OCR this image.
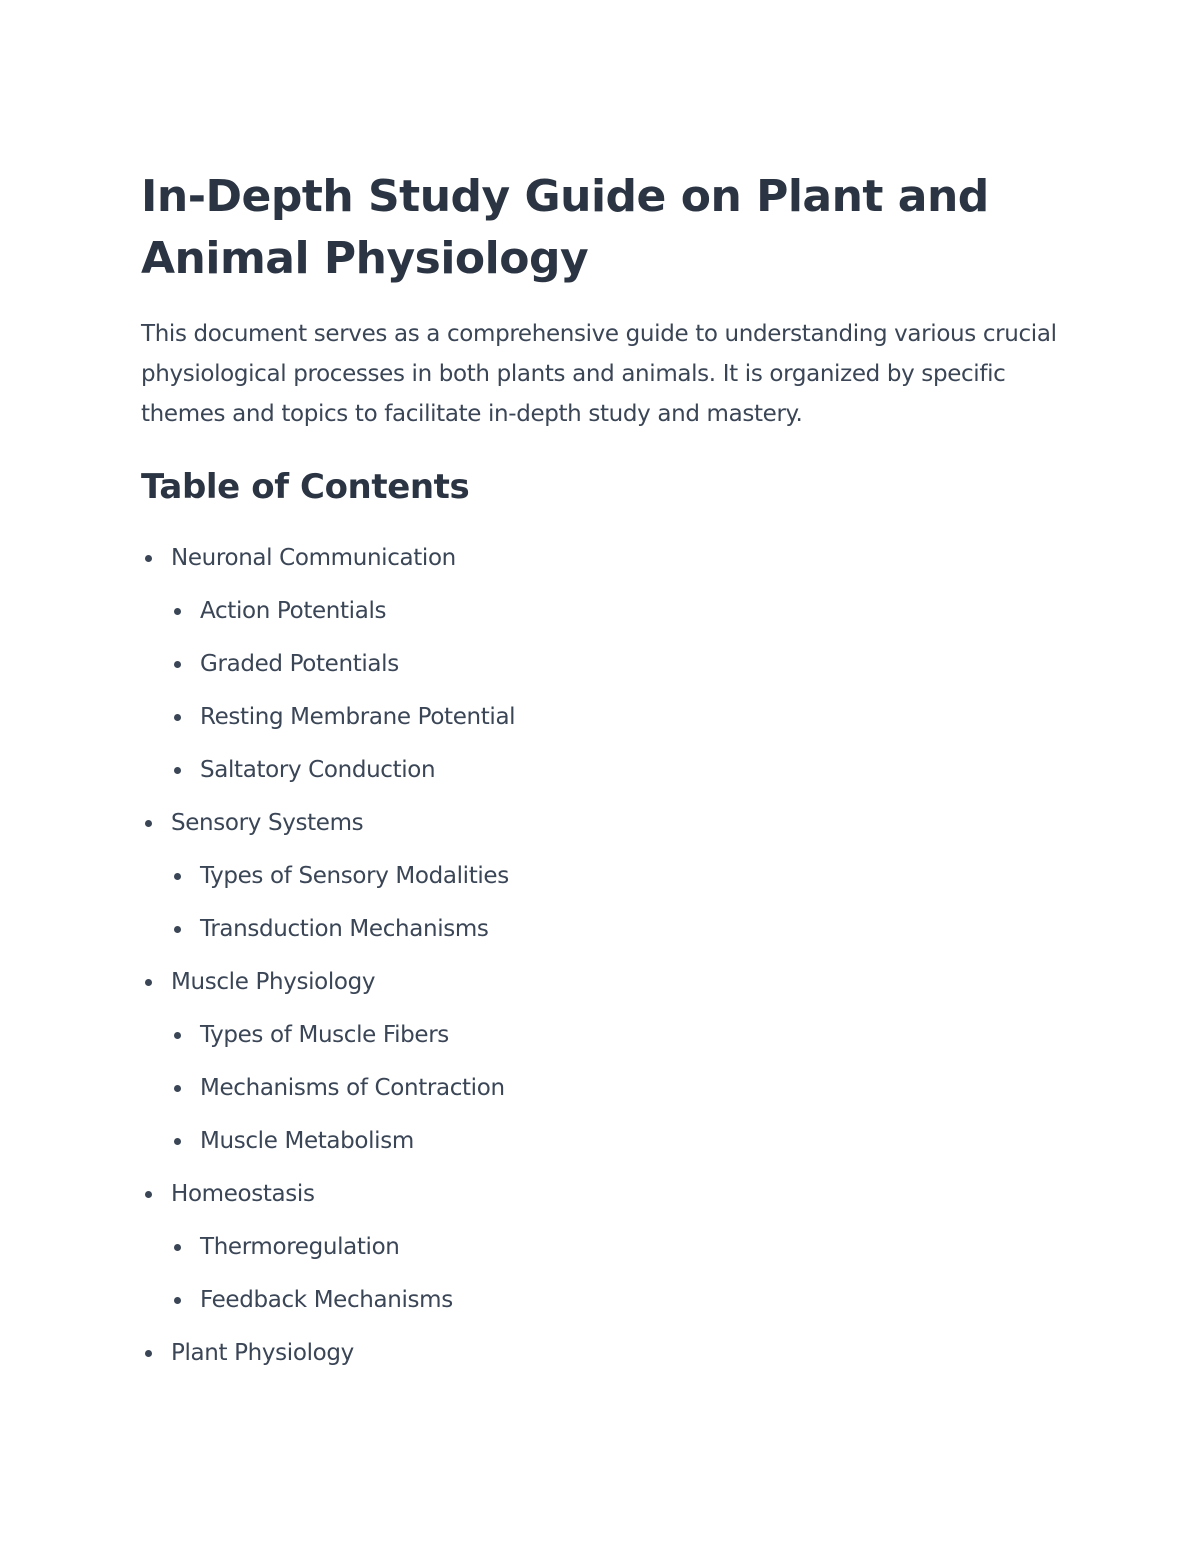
In-Depth Study Guide on Plant and Animal Physiology

This document serves as a comprehensive guide to understanding various crucial physiological processes in both plants and animals. It is organized by specific themes and topics to facilitate in-depth study and mastery.

Table of Contents
Neuronal Communication
Action Potentials
Graded Potentials
Resting Membrane Potential
Saltatory Conduction
Sensory Systems
Types of Sensory Modalities
Transduction Mechanisms
Muscle Physiology
Types of Muscle Fibers
Mechanisms of Contraction
Muscle Metabolism
Homeostasis
Thermoregulation
Feedback Mechanisms
Plant Physiology
